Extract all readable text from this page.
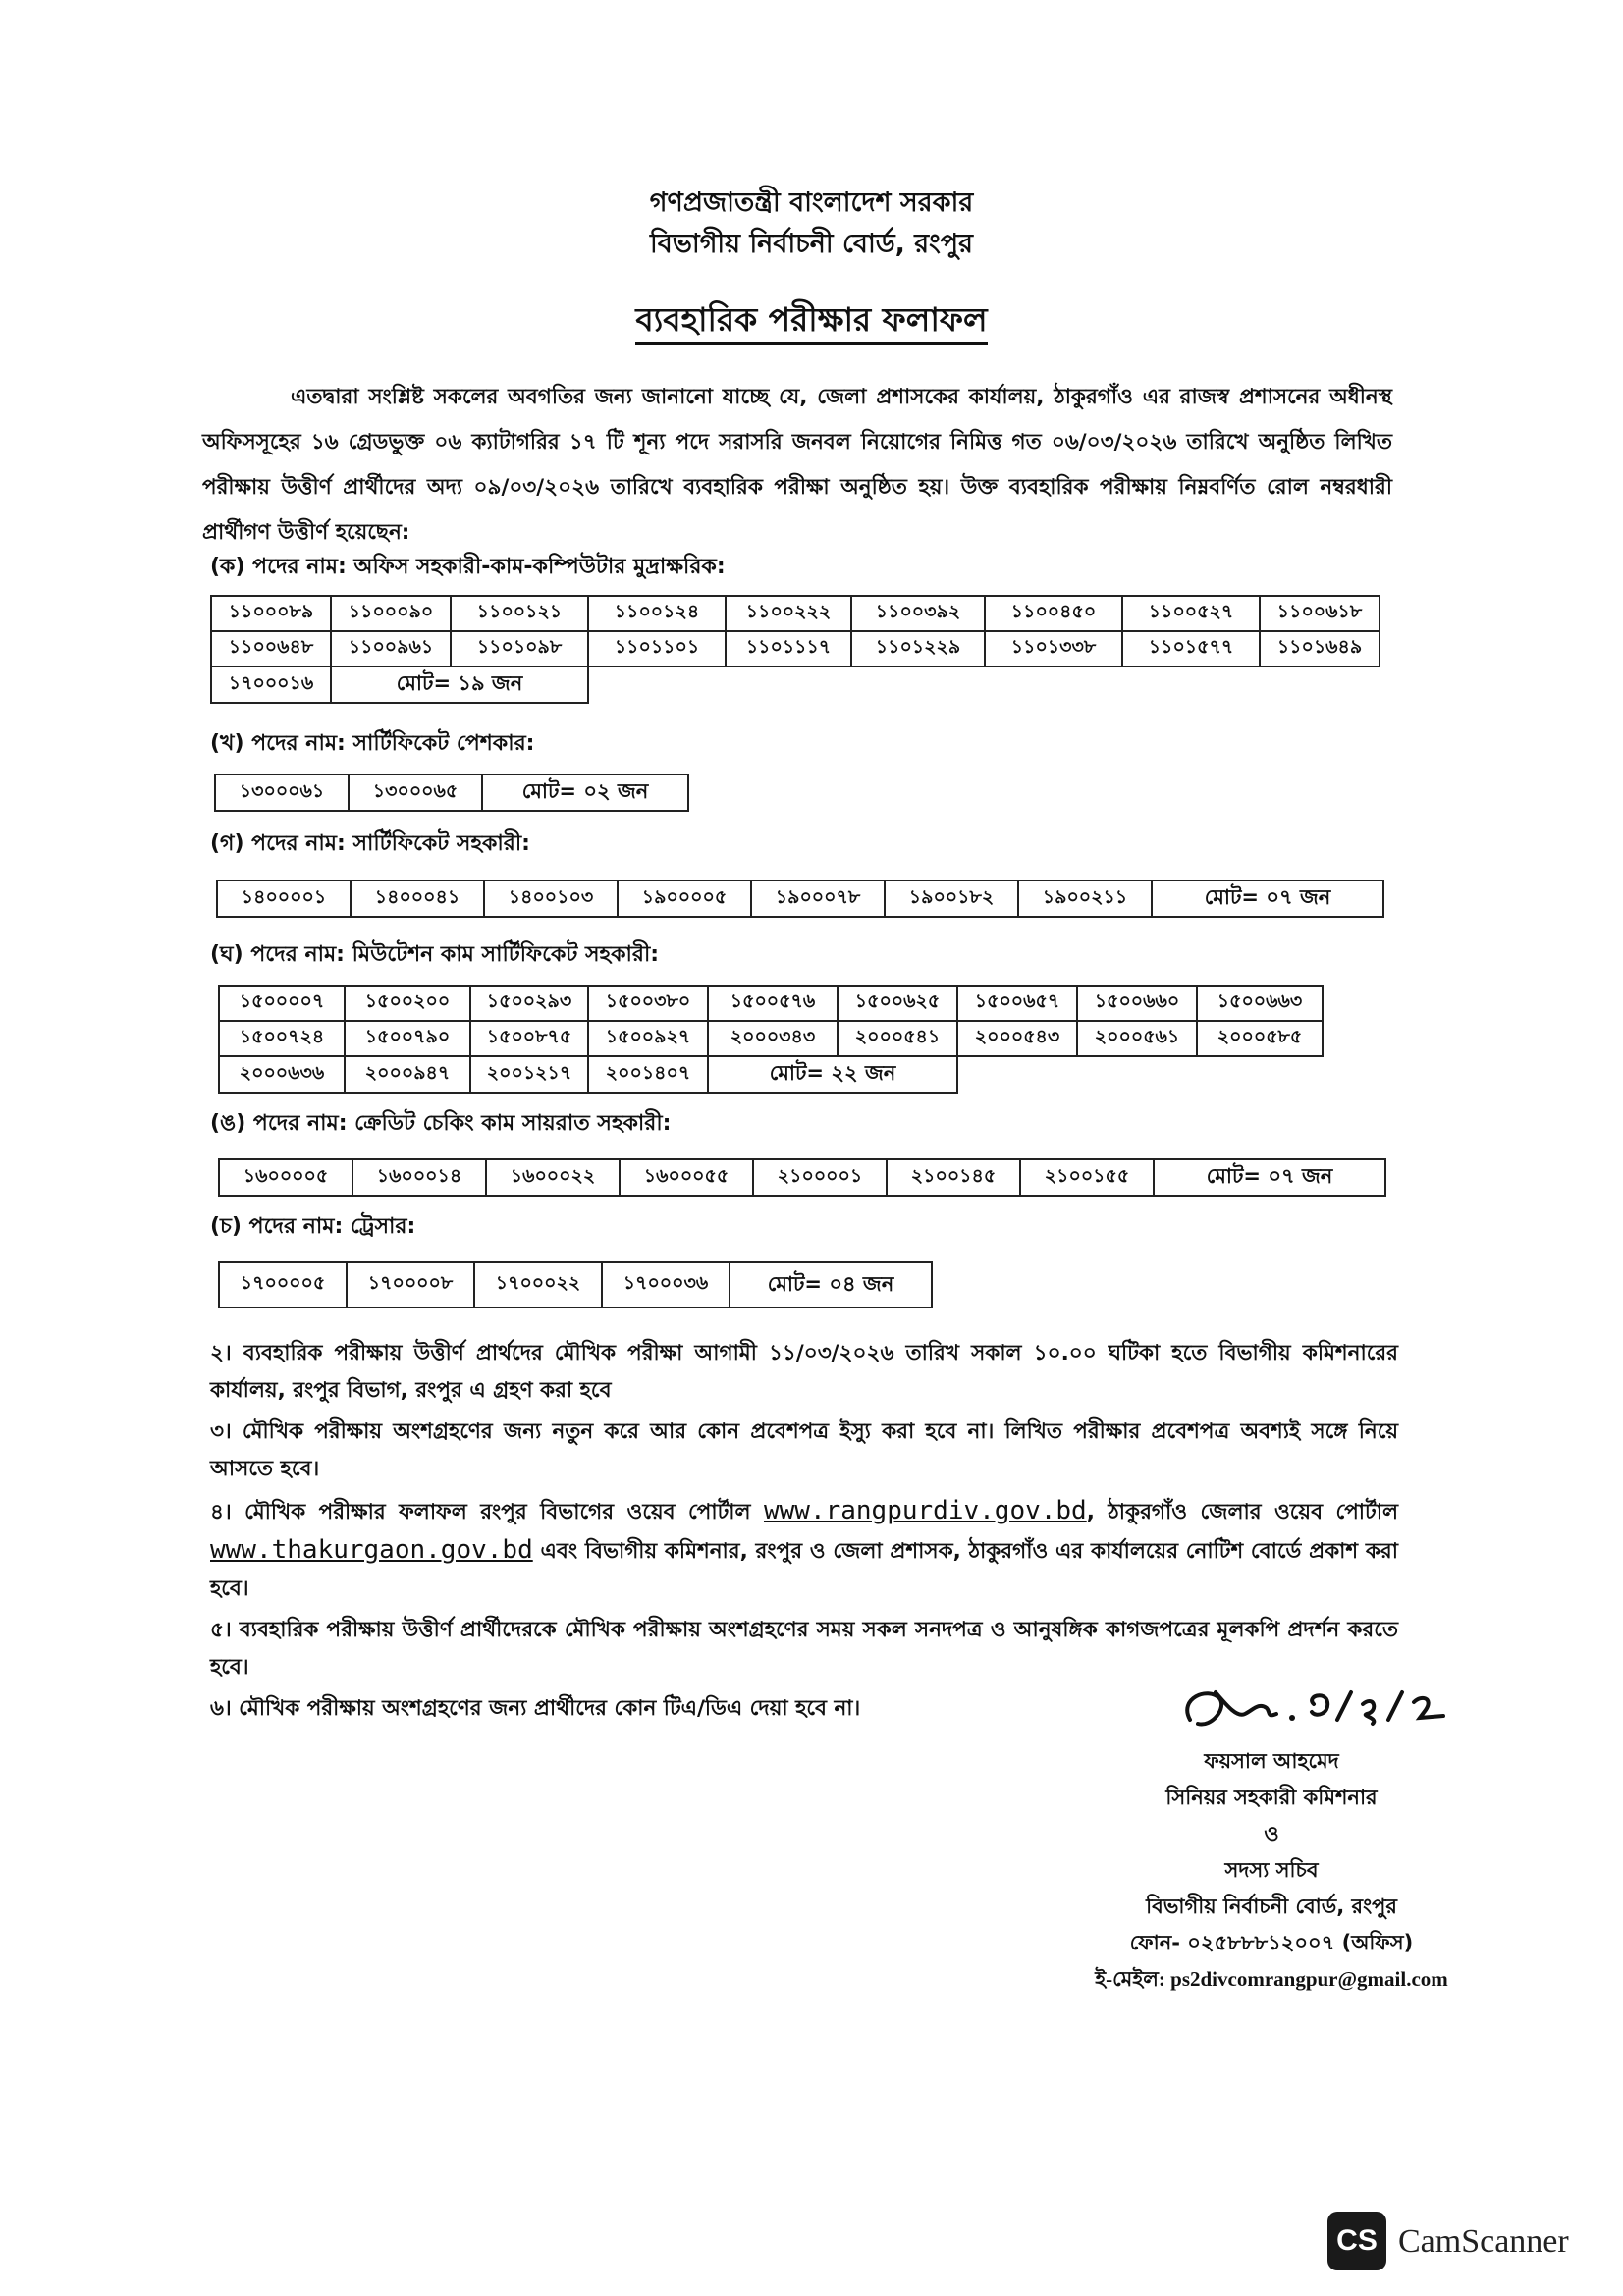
গণপ্রজাতন্ত্রী বাংলাদেশ সরকার
বিভাগীয় নির্বাচনী বোর্ড, রংপুর
ব্যবহারিক পরীক্ষার ফলাফল

এতদ্বারা সংশ্লিষ্ট সকলের অবগতির জন্য জানানো যাচ্ছে যে, জেলা প্রশাসকের কার্যালয়, ঠাকুরগাঁও এর রাজস্ব প্রশাসনের অধীনস্থ অফিসসূহের ১৬ গ্রেডভুক্ত ০৬ ক্যাটাগরির ১৭ টি শূন্য পদে সরাসরি জনবল নিয়োগের নিমিত্ত গত ০৬/০৩/২০২৬ তারিখে অনুষ্ঠিত লিখিত পরীক্ষায় উত্তীর্ণ প্রার্থীদের অদ্য ০৯/০৩/২০২৬ তারিখে ব্যবহারিক পরীক্ষা অনুষ্ঠিত হয়। উক্ত ব্যবহারিক পরীক্ষায় নিম্নবর্ণিত রোল নম্বরধারী প্রার্থীগণ উত্তীর্ণ হয়েছেন:

(ক) পদের নাম: অফিস সহকারী-কাম-কম্পিউটার মুদ্রাক্ষরিক:
১১০০০৮৯	১১০০০৯০	১১০০১২১	১১০০১২৪	১১০০২২২	১১০০৩৯২	১১০০৪৫০	১১০০৫২৭	১১০০৬১৮
১১০০৬৪৮	১১০০৯৬১	১১০১০৯৮	১১০১১০১	১১০১১১৭	১১০১২২৯	১১০১৩৩৮	১১০১৫৭৭	১১০১৬৪৯
১৭০০০১৬	মোট= ১৯ জন							
(খ) পদের নাম: সার্টিফিকেট পেশকার:
১৩০০০৬১	১৩০০০৬৫	মোট= ০২ জন
(গ) পদের নাম: সার্টিফিকেট সহকারী:
১৪০০০০১	১৪০০০৪১	১৪০০১০৩	১৯০০০০৫	১৯০০০৭৮	১৯০০১৮২	১৯০০২১১	মোট= ০৭ জন
(ঘ) পদের নাম: মিউটেশন কাম সার্টিফিকেট সহকারী:
১৫০০০০৭	১৫০০২০০	১৫০০২৯৩	১৫০০৩৮০	১৫০০৫৭৬	১৫০০৬২৫	১৫০০৬৫৭	১৫০০৬৬০	১৫০০৬৬৩
১৫০০৭২৪	১৫০০৭৯০	১৫০০৮৭৫	১৫০০৯২৭	২০০০৩৪৩	২০০০৫৪১	২০০০৫৪৩	২০০০৫৬১	২০০০৫৮৫
২০০০৬৩৬	২০০০৯৪৭	২০০১২১৭	২০০১৪০৭	মোট= ২২ জন				
(ঙ) পদের নাম: ক্রেডিট চেকিং কাম সায়রাত সহকারী:
১৬০০০০৫	১৬০০০১৪	১৬০০০২২	১৬০০০৫৫	২১০০০০১	২১০০১৪৫	২১০০১৫৫	মোট= ০৭ জন
(চ) পদের নাম: ট্রেসার:
১৭০০০০৫	১৭০০০০৮	১৭০০০২২	১৭০০০৩৬	মোট= ০৪ জন

২। ব্যবহারিক পরীক্ষায় উত্তীর্ণ প্রার্থদের মৌখিক পরীক্ষা আগামী ১১/০৩/২০২৬ তারিখ সকাল ১০.০০ ঘটিকা হতে বিভাগীয় কমিশনারের কার্যালয়, রংপুর বিভাগ, রংপুর এ গ্রহণ করা হবে

৩। মৌখিক পরীক্ষায় অংশগ্রহণের জন্য নতুন করে আর কোন প্রবেশপত্র ইস্যু করা হবে না। লিখিত পরীক্ষার প্রবেশপত্র অবশ্যই সঙ্গে নিয়ে আসতে হবে।

৪। মৌখিক পরীক্ষার ফলাফল রংপুর বিভাগের ওয়েব পোর্টাল www.rangpurdiv.gov.bd, ঠাকুরগাঁও জেলার ওয়েব পোর্টাল www.thakurgaon.gov.bd এবং বিভাগীয় কমিশনার, রংপুর ও জেলা প্রশাসক, ঠাকুরগাঁও এর কার্যালয়ের নোটিশ বোর্ডে প্রকাশ করা হবে।

৫। ব্যবহারিক পরীক্ষায় উত্তীর্ণ প্রার্থীদেরকে মৌখিক পরীক্ষায় অংশগ্রহণের সময় সকল সনদপত্র ও আনুষঙ্গিক কাগজপত্রের মূলকপি প্রদর্শন করতে হবে।

৬। মৌখিক পরীক্ষায় অংশগ্রহণের জন্য প্রার্থীদের কোন টিএ/ডিএ দেয়া হবে না।

ফয়সাল আহমেদ
সিনিয়র সহকারী কমিশনার
ও
সদস্য সচিব
বিভাগীয় নির্বাচনী বোর্ড, রংপুর
ফোন- ০২৫৮৮৮১২০০৭ (অফিস)
ই-মেইল: ps2divcomrangpur@gmail.com
CS CamScanner
